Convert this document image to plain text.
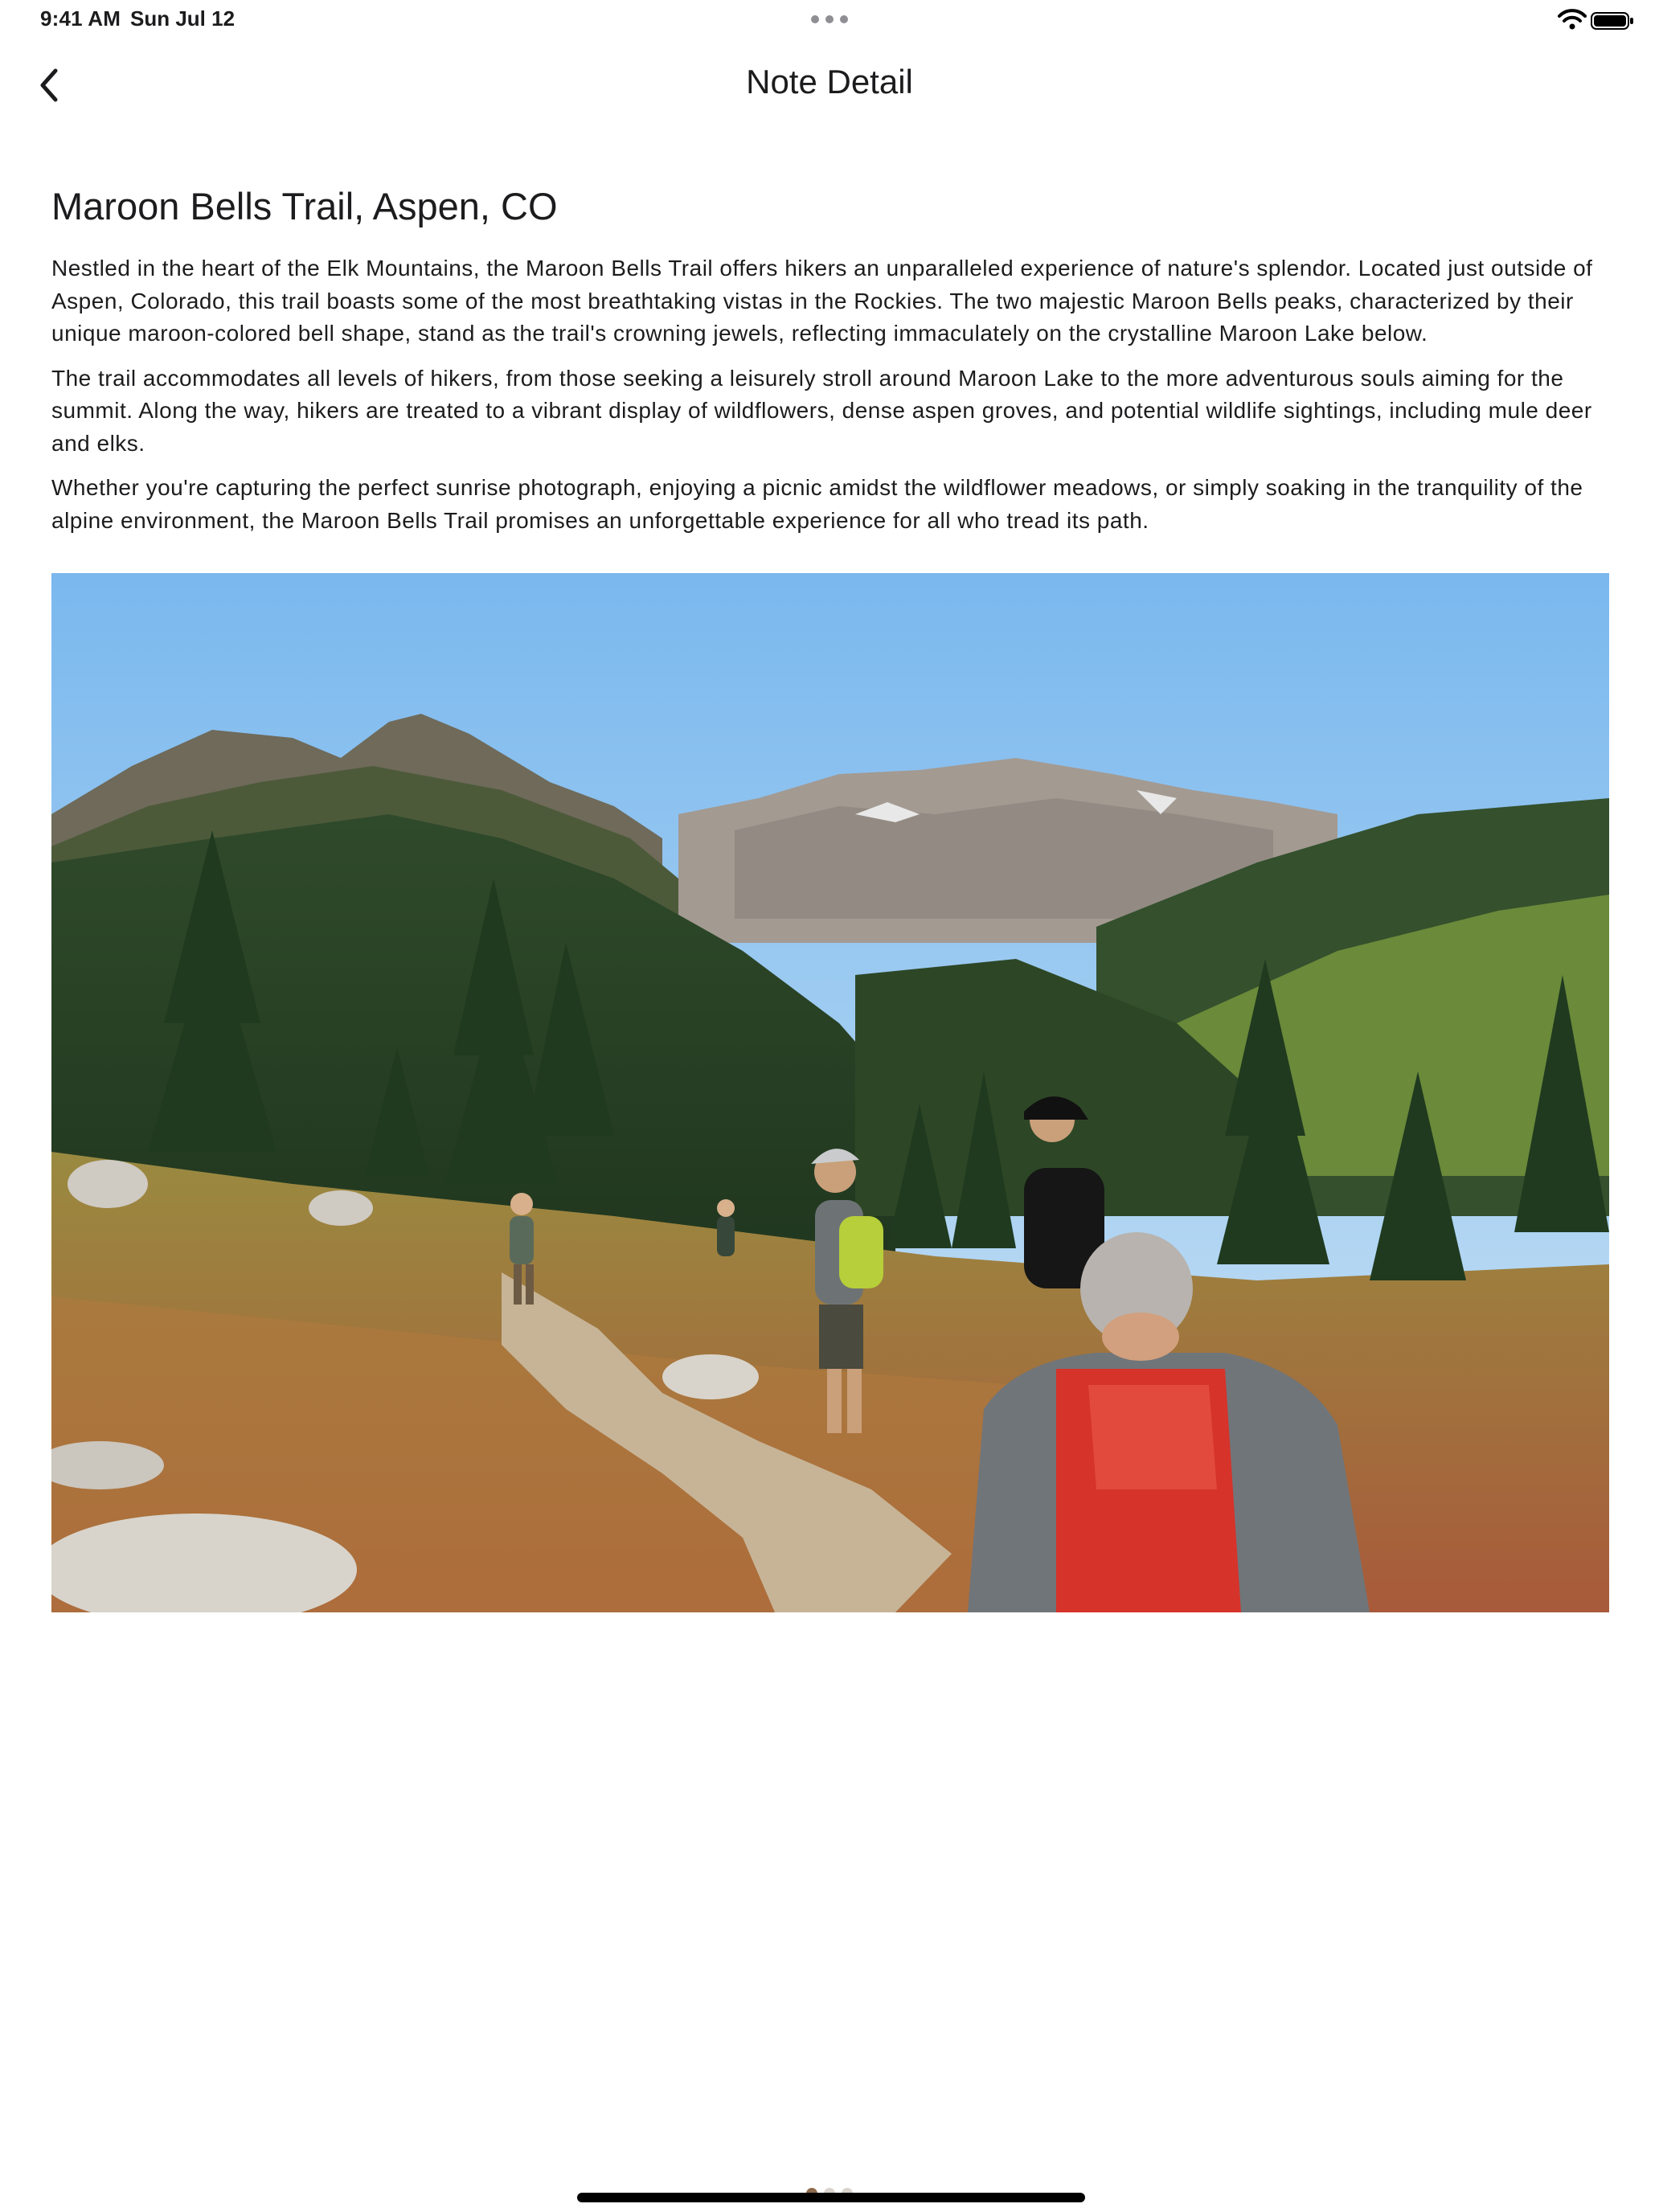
9:41 AM Sun Jul 12
Note Detail
Maroon Bells Trail, Aspen, CO

Nestled in the heart of the Elk Mountains, the Maroon Bells Trail offers hikers an unparalleled experience of nature's splendor. Located just outside of Aspen, Colorado, this trail boasts some of the most breathtaking vistas in the Rockies. The two majestic Maroon Bells peaks, characterized by their unique maroon-colored bell shape, stand as the trail's crowning jewels, reflecting immaculately on the crystalline Maroon Lake below.

The trail accommodates all levels of hikers, from those seeking a leisurely stroll around Maroon Lake to the more adventurous souls aiming for the summit. Along the way, hikers are treated to a vibrant display of wildflowers, dense aspen groves, and potential wildlife sightings, including mule deer and elks.

Whether you're capturing the perfect sunrise photograph, enjoying a picnic amidst the wildflower meadows, or simply soaking in the tranquility of the alpine environment, the Maroon Bells Trail promises an unforgettable experience for all who tread its path.
